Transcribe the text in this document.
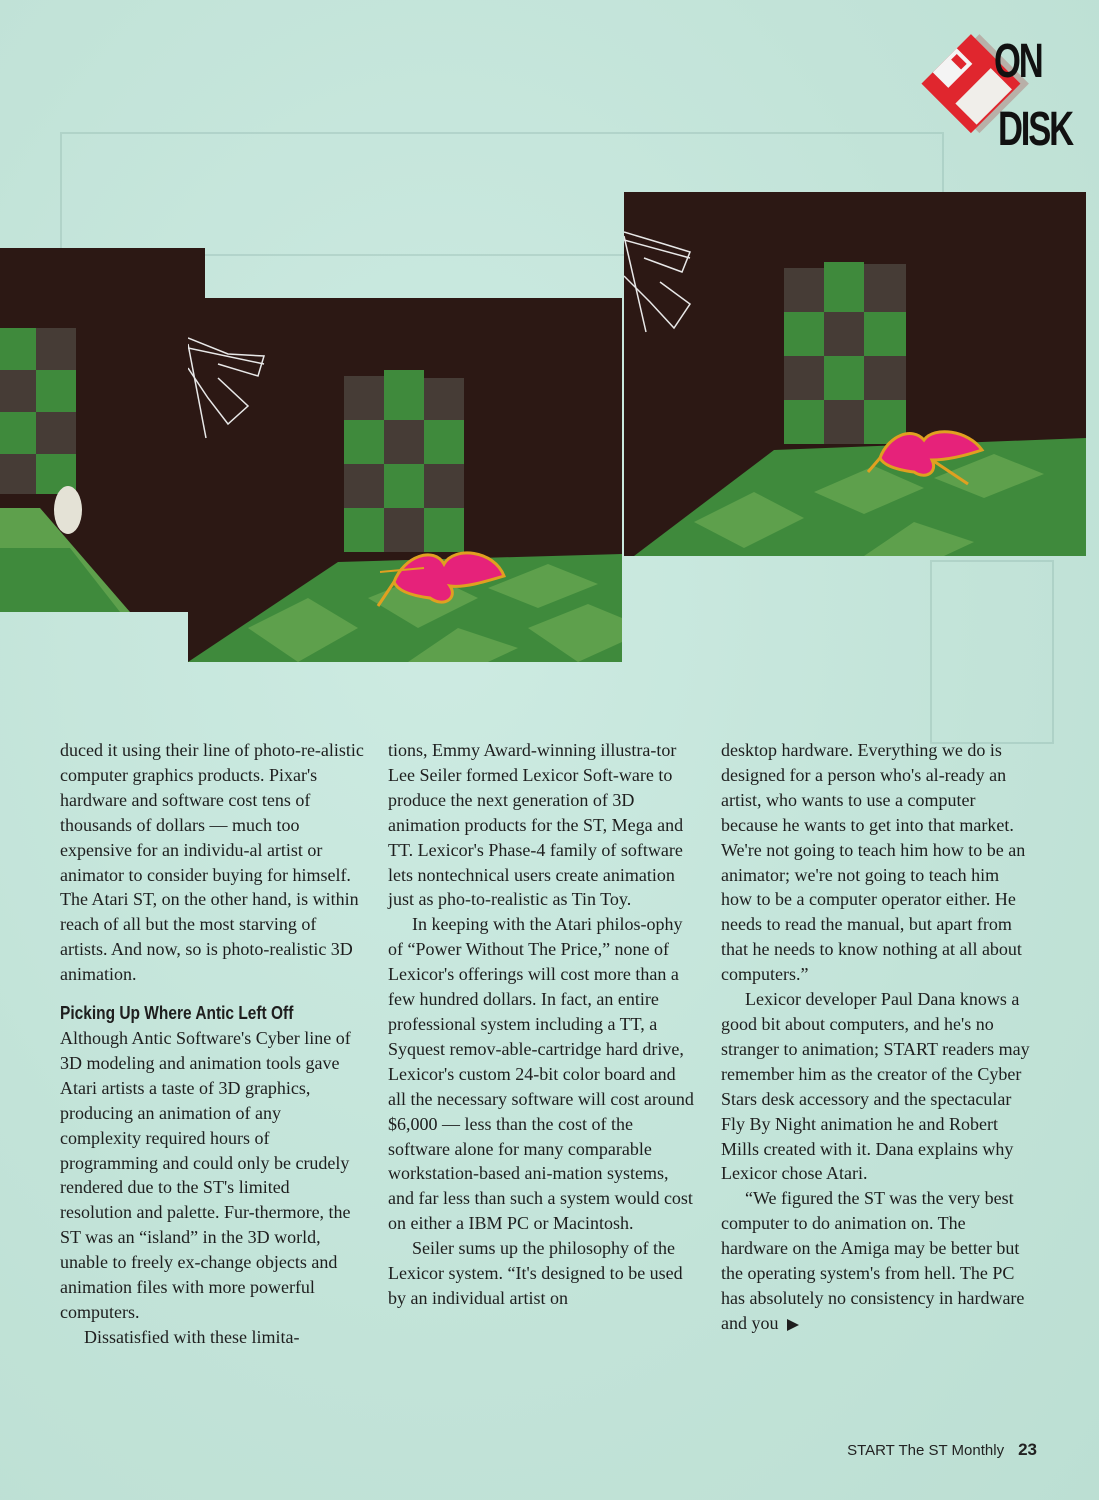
ON
DISK

duced it using their line of photo-re-alistic computer graphics products. Pixar's hardware and software cost tens of thousands of dollars — much too expensive for an individu-al artist or animator to consider buying for himself. The Atari ST, on the other hand, is within reach of all but the most starving of artists. And now, so is photo-realistic 3D animation.

Picking Up Where Antic Left Off

Although Antic Software's Cyber line of 3D modeling and animation tools gave Atari artists a taste of 3D graphics, producing an animation of any complexity required hours of programming and could only be crudely rendered due to the ST's limited resolution and palette. Fur-thermore, the ST was an “island” in the 3D world, unable to freely ex-change objects and animation files with more powerful computers.

Dissatisfied with these limita-

tions, Emmy Award-winning illustra-tor Lee Seiler formed Lexicor Soft-ware to produce the next generation of 3D animation products for the ST, Mega and TT. Lexicor's Phase-4 family of software lets nontechnical users create animation just as pho-to-realistic as Tin Toy.

In keeping with the Atari philos-ophy of “Power Without The Price,” none of Lexicor's offerings will cost more than a few hundred dollars. In fact, an entire professional system including a TT, a Syquest remov-able-cartridge hard drive, Lexicor's custom 24-bit color board and all the necessary software will cost around $6,000 — less than the cost of the software alone for many comparable workstation-based ani-mation systems, and far less than such a system would cost on either a IBM PC or Macintosh.

Seiler sums up the philosophy of the Lexicor system. “It's designed to be used by an individual artist on

desktop hardware. Everything we do is designed for a person who's al-ready an artist, who wants to use a computer because he wants to get into that market. We're not going to teach him how to be an animator; we're not going to teach him how to be a computer operator either. He needs to read the manual, but apart from that he needs to know nothing at all about computers.”

Lexicor developer Paul Dana knows a good bit about computers, and he's no stranger to animation; START readers may remember him as the creator of the Cyber Stars desk accessory and the spectacular Fly By Night animation he and Robert Mills created with it. Dana explains why Lexicor chose Atari.

“We figured the ST was the very best computer to do animation on. The hardware on the Amiga may be better but the operating system's from hell. The PC has absolutely no consistency in hardware and you

START The ST Monthly 23
